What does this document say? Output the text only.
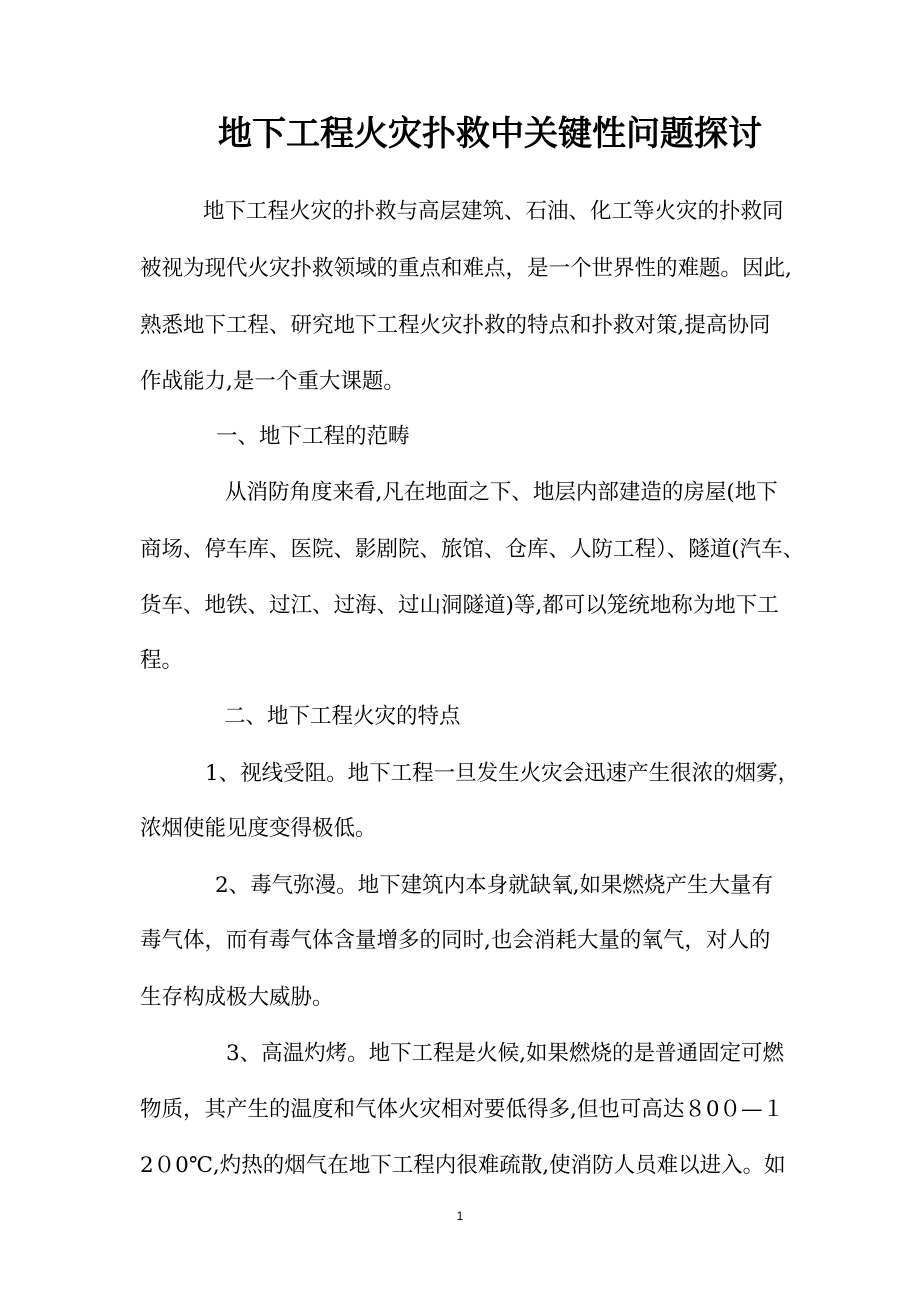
地下工程火灾扑救中关键性问题探讨
地下工程火灾的扑救与高层建筑、石油、化工等火灾的扑救同
被视为现代火灾扑救领域的重点和难点，是一个世界性的难题。因此,
熟悉地下工程、研究地下工程火灾扑救的特点和扑救对策,提高协同
作战能力,是一个重大课题。
一、地下工程的范畴
从消防角度来看,凡在地面之下、地层内部建造的房屋(地下
商场、停车库、医院、影剧院、旅馆、仓库、人防工程）、隧道(汽车、
货车、地铁、过江、过海、过山洞隧道)等,都可以笼统地称为地下工
程。
二、地下工程火灾的特点
1、视线受阻。地下工程一旦发生火灾会迅速产生很浓的烟雾，
浓烟使能见度变得极低。
2、毒气弥漫。地下建筑内本身就缺氧,如果燃烧产生大量有
毒气体，而有毒气体含量增多的同时,也会消耗大量的氧气，对人的
生存构成极大威胁。
3、高温灼烤。地下工程是火候,如果燃烧的是普通固定可燃
物质，其产生的温度和气体火灾相对要低得多,但也可高达８0０—１
2０0℃,灼热的烟气在地下工程内很难疏散,使消防人员难以进入。如
1
